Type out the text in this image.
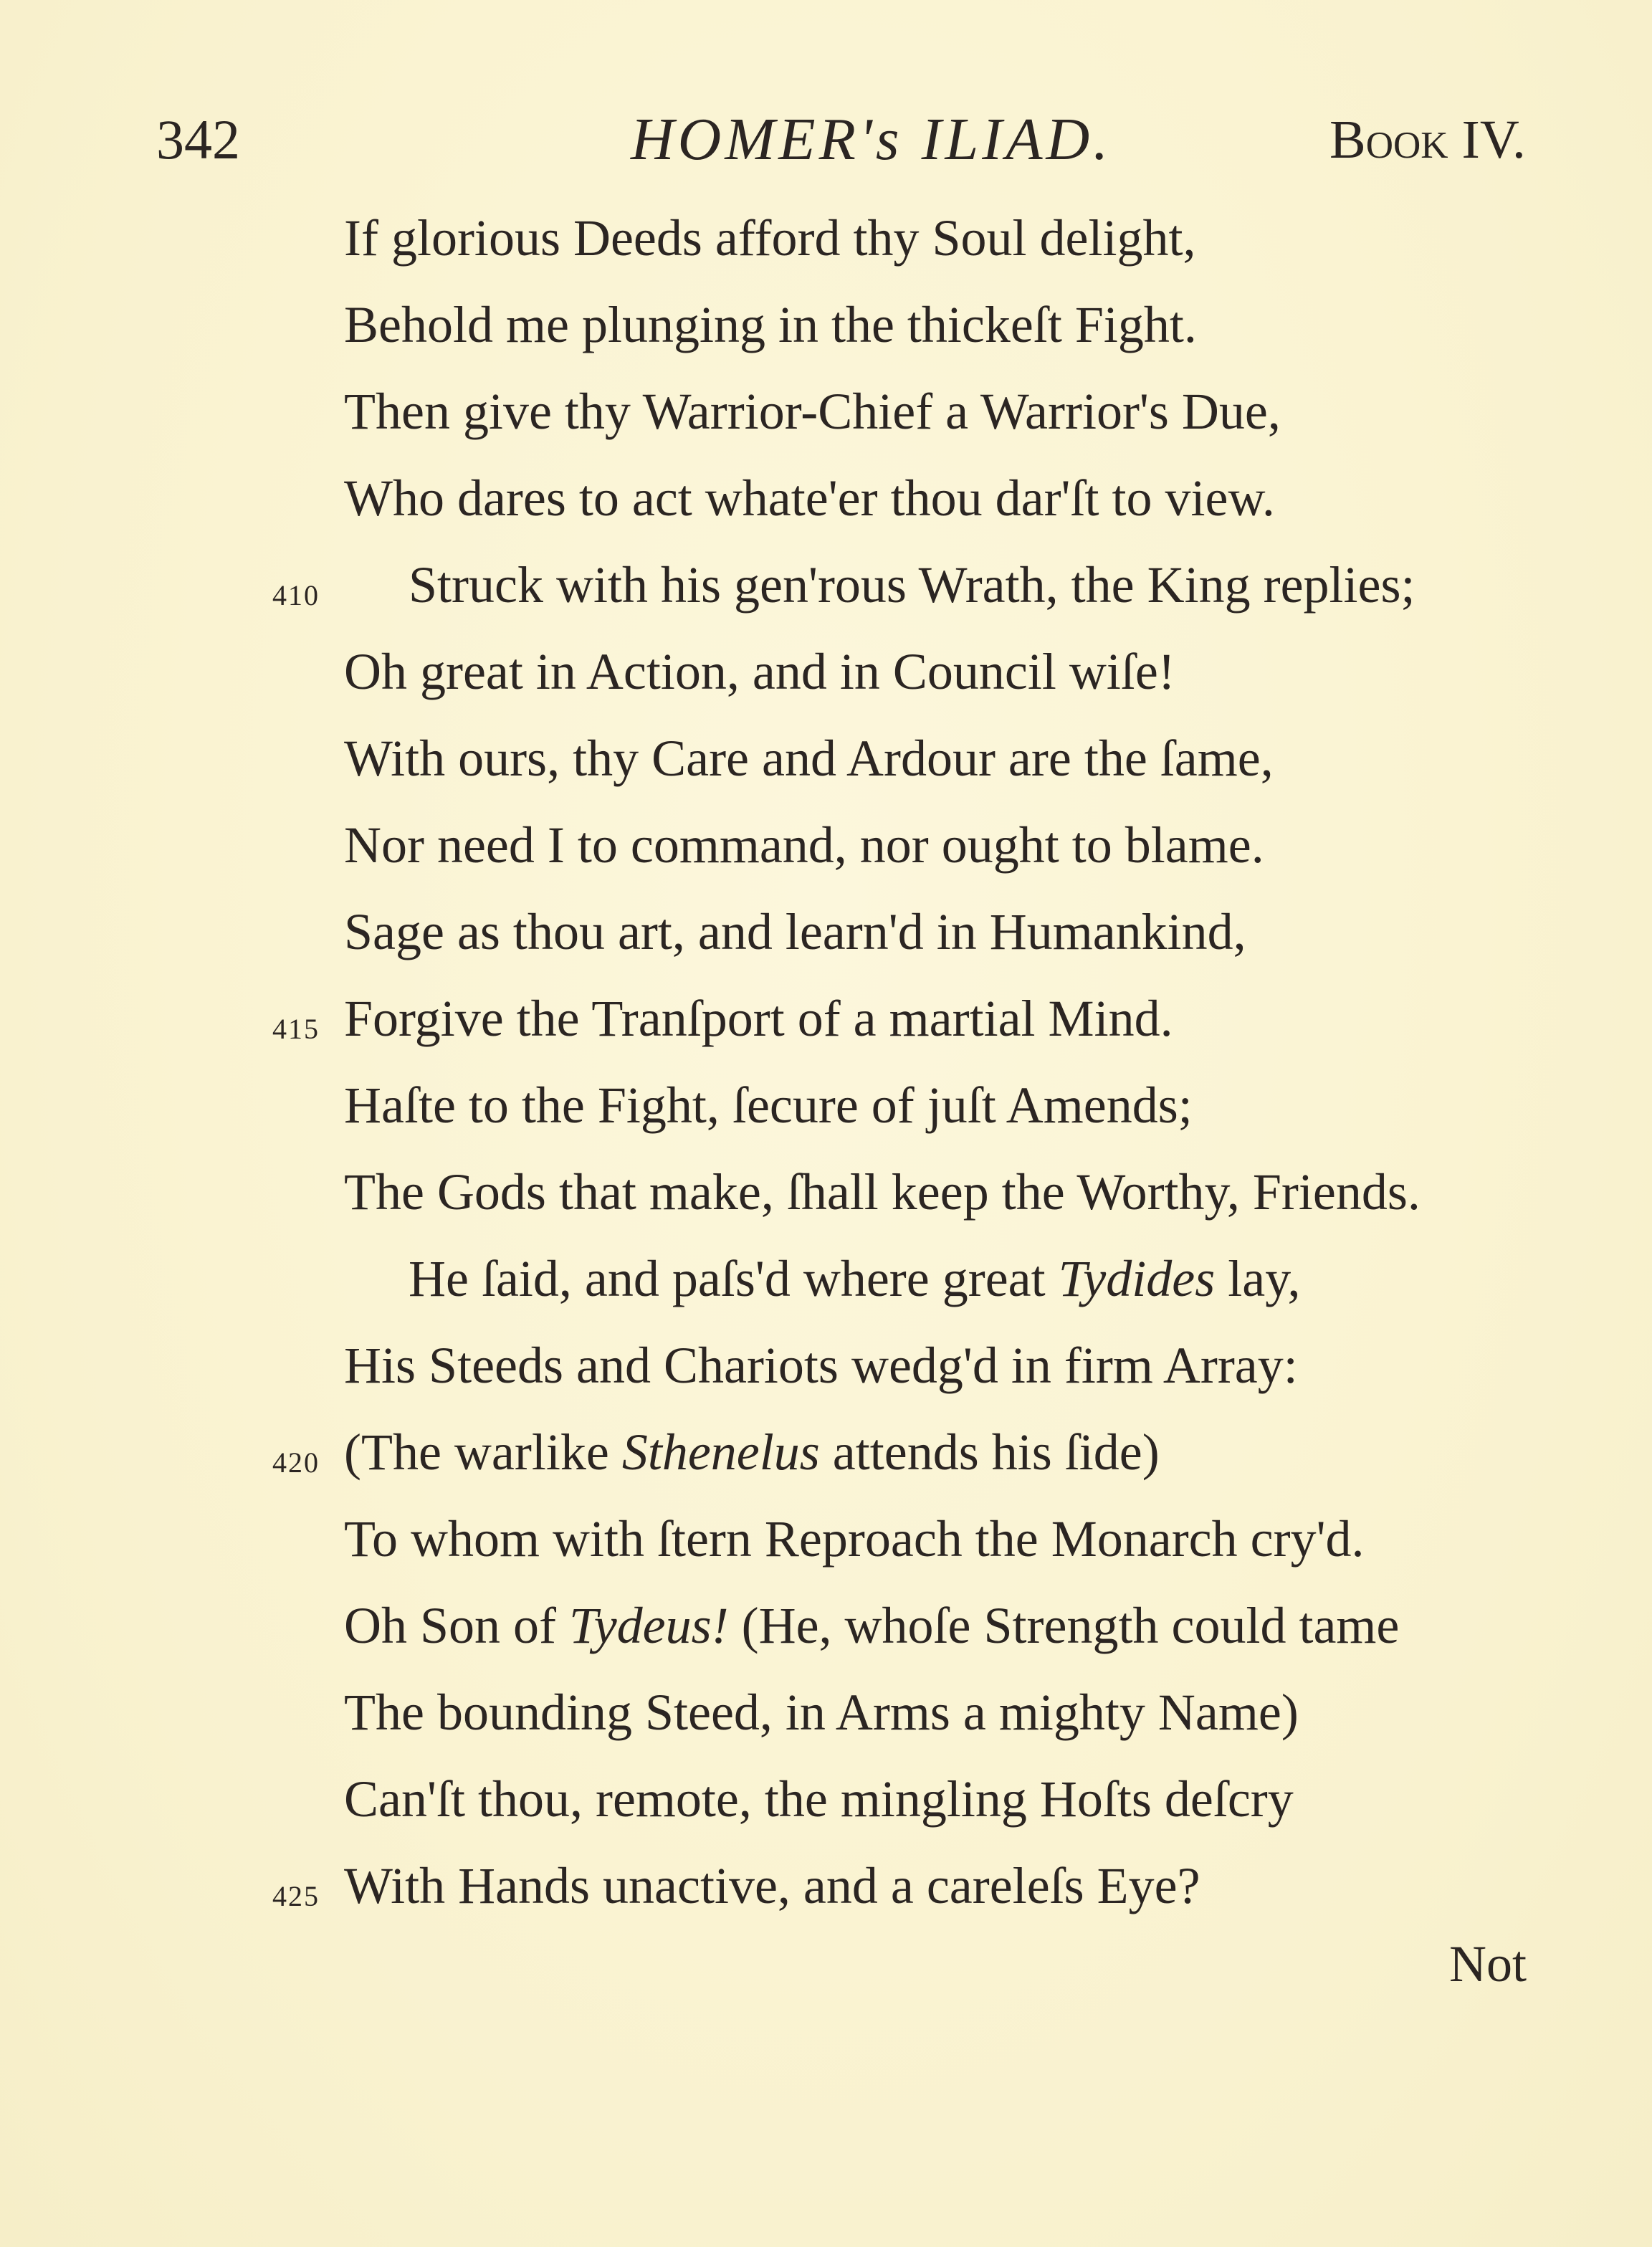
342	HOMER's ILIAD.	Book IV.
If glorious Deeds afford thy Soul delight,
Behold me plunging in the thickeſt Fight.
Then give thy Warrior-Chief a Warrior's Due,
Who dares to act whate'er thou dar'ſt to view.
410 Struck with his gen'rous Wrath, the King replies;
Oh great in Action, and in Council wiſe!
With ours, thy Care and Ardour are the ſame,
Nor need I to command, nor ought to blame.
Sage as thou art, and learn'd in Humankind,
415 Forgive the Tranſport of a martial Mind.
Haſte to the Fight, ſecure of juſt Amends;
The Gods that make, ſhall keep the Worthy, Friends.
He ſaid, and paſs'd where great Tydides lay,
His Steeds and Chariots wedg'd in firm Array:
420 (The warlike Sthenelus attends his ſide)
To whom with ſtern Reproach the Monarch cry'd.
Oh Son of Tydeus! (He, whoſe Strength could tame
The bounding Steed, in Arms a mighty Name)
Can'ſt thou, remote, the mingling Hoſts deſcry
425 With Hands unactive, and a careleſs Eye?
Not
